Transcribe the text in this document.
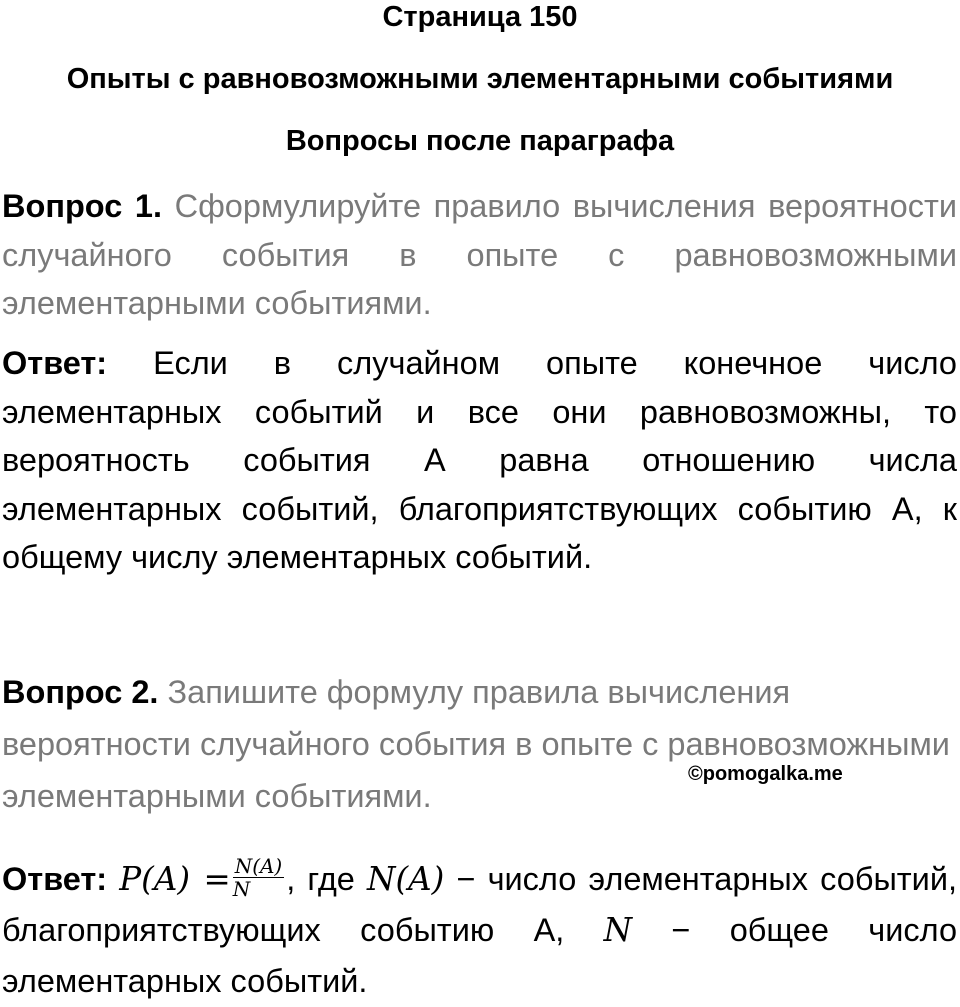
Страница 150
Опыты с равновозможными элементарными событиями
Вопросы после параграфа
Вопрос 1. Сформулируйте правило вычисления вероятности случайного события в опыте с равновозможными элементарными событиями.
Ответ: Если в случайном опыте конечное число элементарных событий и все они равновозможны, то вероятность события А равна отношению числа элементарных событий, благоприятствующих событию А, к общему числу элементарных событий.
Вопрос 2. Запишите формулу правила вычисления вероятности случайного события в опыте с равновозможными элементарными событиями.
©pomogalka.me
Ответ: $P(A) = \frac{N(A)}{N}$ , где N(A) − число элементарных событий, благоприятствующих событию А, N − общее число элементарных событий.
